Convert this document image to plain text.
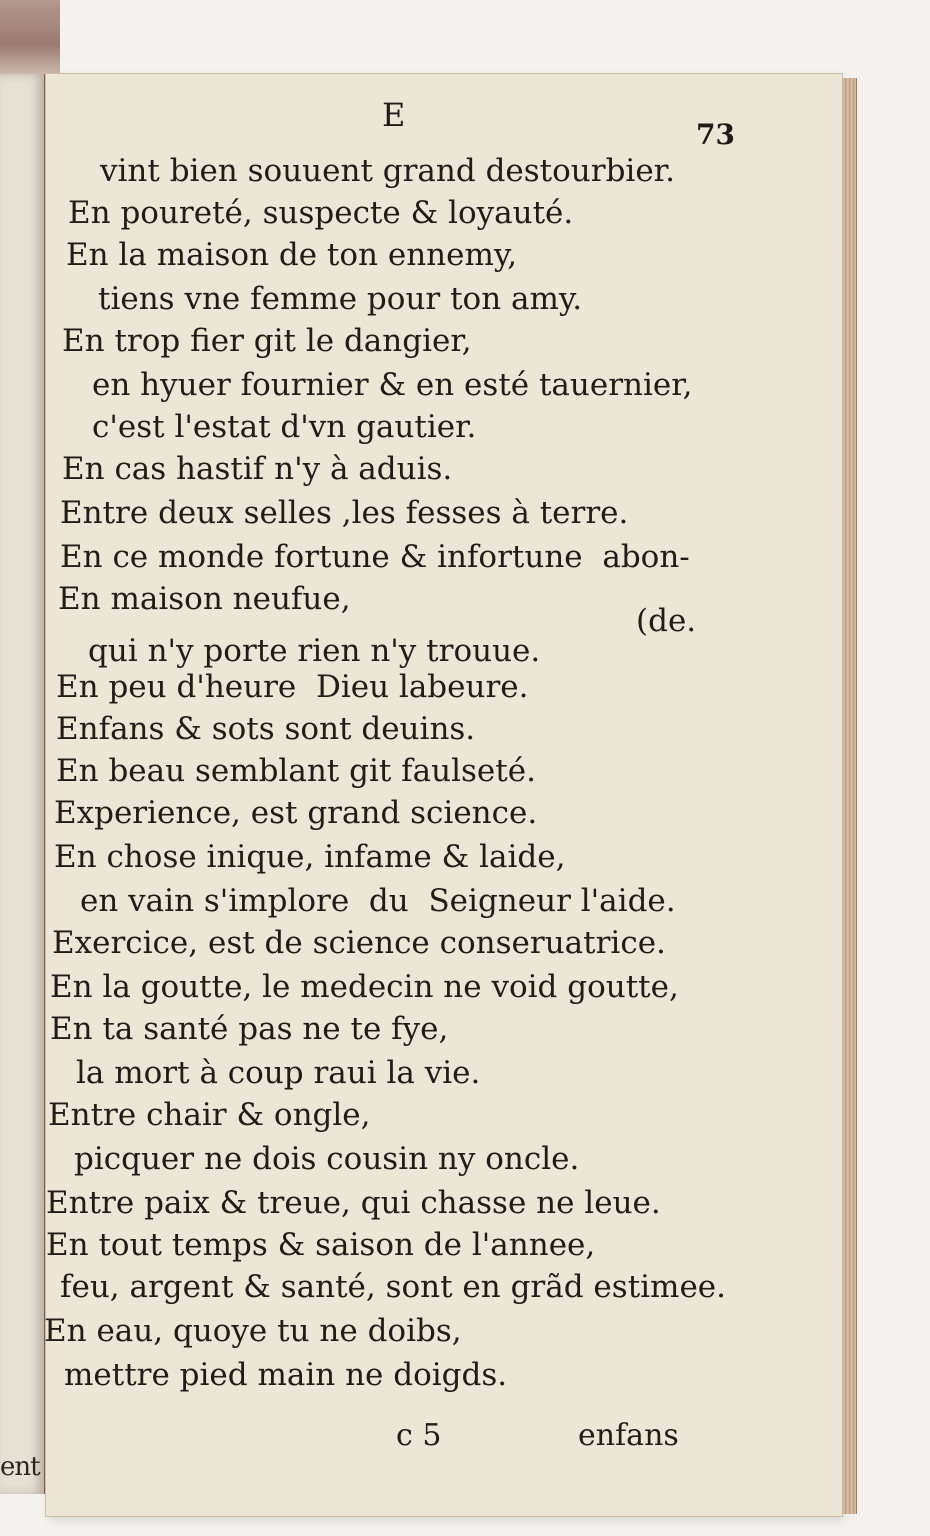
ent
E
73
vint bien souuent grand destourbier.
En poureté, suspecte & loyauté.
En la maison de ton ennemy,
tiens vne femme pour ton amy.
En trop fier git le dangier,
en hyuer fournier & en esté tauernier,
c'est l'estat d'vn gautier.
En cas hastif n'y à aduis.
Entre deux selles ,les fesses à terre.
En ce monde fortune & infortune  abon-
En maison neufue,
(de.
qui n'y porte rien n'y trouue.
En peu d'heure  Dieu labeure.
Enfans & sots sont deuins.
En beau semblant git faulseté.
Experience, est grand science.
En chose inique, infame & laide,
en vain s'implore  du  Seigneur l'aide.
Exercice, est de science conseruatrice.
En la goutte, le medecin ne void goutte,
En ta santé pas ne te fye,
la mort à coup raui la vie.
Entre chair & ongle,
picquer ne dois cousin ny oncle.
Entre paix & treue, qui chasse ne leue.
En tout temps & saison de l'annee,
feu, argent & santé, sont en grãd estimee.
En eau, quoye tu ne doibs,
mettre pied main ne doigds.
c 5	enfans
